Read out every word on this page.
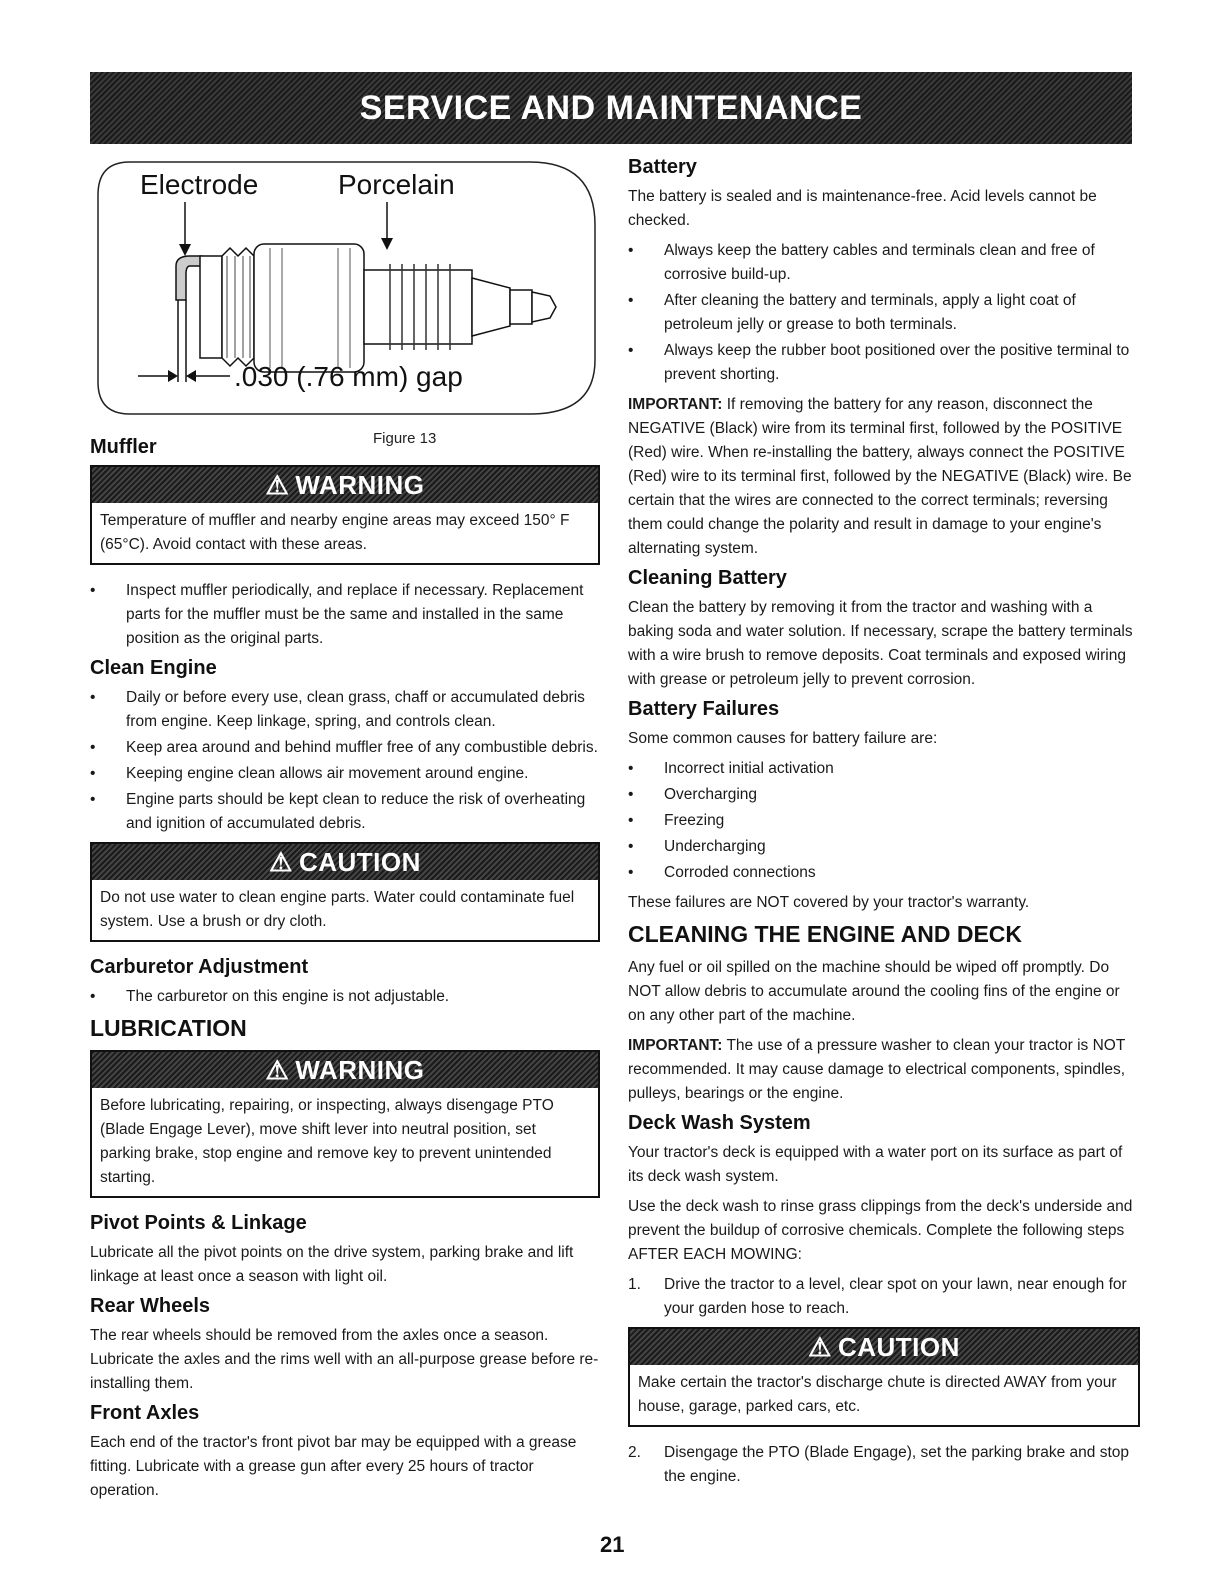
SERVICE AND MAINTENANCE
Electrode	Porcelain
.030 (.76 mm) gap
Figure 13
Muffler
⚠ WARNING
Temperature of muffler and nearby engine areas may exceed 150° F (65°C). Avoid contact with these areas.
•	Inspect muffler periodically, and replace if necessary. Replacement parts for the muffler must be the same and installed in the same position as the original parts.
Clean Engine
•	Daily or before every use, clean grass, chaff or accumulated debris from engine. Keep linkage, spring, and controls clean.
•	Keep area around and behind muffler free of any combustible debris.
•	Keeping engine clean allows air movement around engine.
•	Engine parts should be kept clean to reduce the risk of overheating and ignition of accumulated debris.
⚠ CAUTION
Do not use water to clean engine parts. Water could contaminate fuel system. Use a brush or dry cloth.
Carburetor Adjustment
•	The carburetor on this engine is not adjustable.
LUBRICATION
⚠ WARNING
Before lubricating, repairing, or inspecting, always disengage PTO (Blade Engage Lever), move shift lever into neutral position, set parking brake, stop engine and remove key to prevent unintended starting.
Pivot Points & Linkage

Lubricate all the pivot points on the drive system, parking brake and lift linkage at least once a season with light oil.

Rear Wheels

The rear wheels should be removed from the axles once a season. Lubricate the axles and the rims well with an all-purpose grease before re-installing them.

Front Axles

Each end of the tractor's front pivot bar may be equipped with a grease fitting. Lubricate with a grease gun after every 25 hours of tractor operation.

Battery

The battery is sealed and is maintenance-free. Acid levels cannot be checked.

•	Always keep the battery cables and terminals clean and free of corrosive build-up.
•	After cleaning the battery and terminals, apply a light coat of petroleum jelly or grease to both terminals.
•	Always keep the rubber boot positioned over the positive terminal to prevent shorting.

IMPORTANT: If removing the battery for any reason, disconnect the NEGATIVE (Black) wire from its terminal first, followed by the POSITIVE (Red) wire. When re-installing the battery, always connect the POSITIVE (Red) wire to its terminal first, followed by the NEGATIVE (Black) wire. Be certain that the wires are connected to the correct terminals; reversing them could change the polarity and result in damage to your engine's alternating system.

Cleaning Battery

Clean the battery by removing it from the tractor and washing with a baking soda and water solution. If necessary, scrape the battery terminals with a wire brush to remove deposits. Coat terminals and exposed wiring with grease or petroleum jelly to prevent corrosion.

Battery Failures

Some common causes for battery failure are:

•	Incorrect initial activation
•	Overcharging
•	Freezing
•	Undercharging
•	Corroded connections

These failures are NOT covered by your tractor's warranty.

CLEANING THE ENGINE AND DECK

Any fuel or oil spilled on the machine should be wiped off promptly. Do NOT allow debris to accumulate around the cooling fins of the engine or on any other part of the machine.

IMPORTANT: The use of a pressure washer to clean your tractor is NOT recommended. It may cause damage to electrical components, spindles, pulleys, bearings or the engine.

Deck Wash System

Your tractor's deck is equipped with a water port on its surface as part of its deck wash system.

Use the deck wash to rinse grass clippings from the deck's underside and prevent the buildup of corrosive chemicals. Complete the following steps AFTER EACH MOWING:

1.	Drive the tractor to a level, clear spot on your lawn, near enough for your garden hose to reach.
⚠ CAUTION
Make certain the tractor's discharge chute is directed AWAY from your house, garage, parked cars, etc.
2.	Disengage the PTO (Blade Engage), set the parking brake and stop the engine.
21
